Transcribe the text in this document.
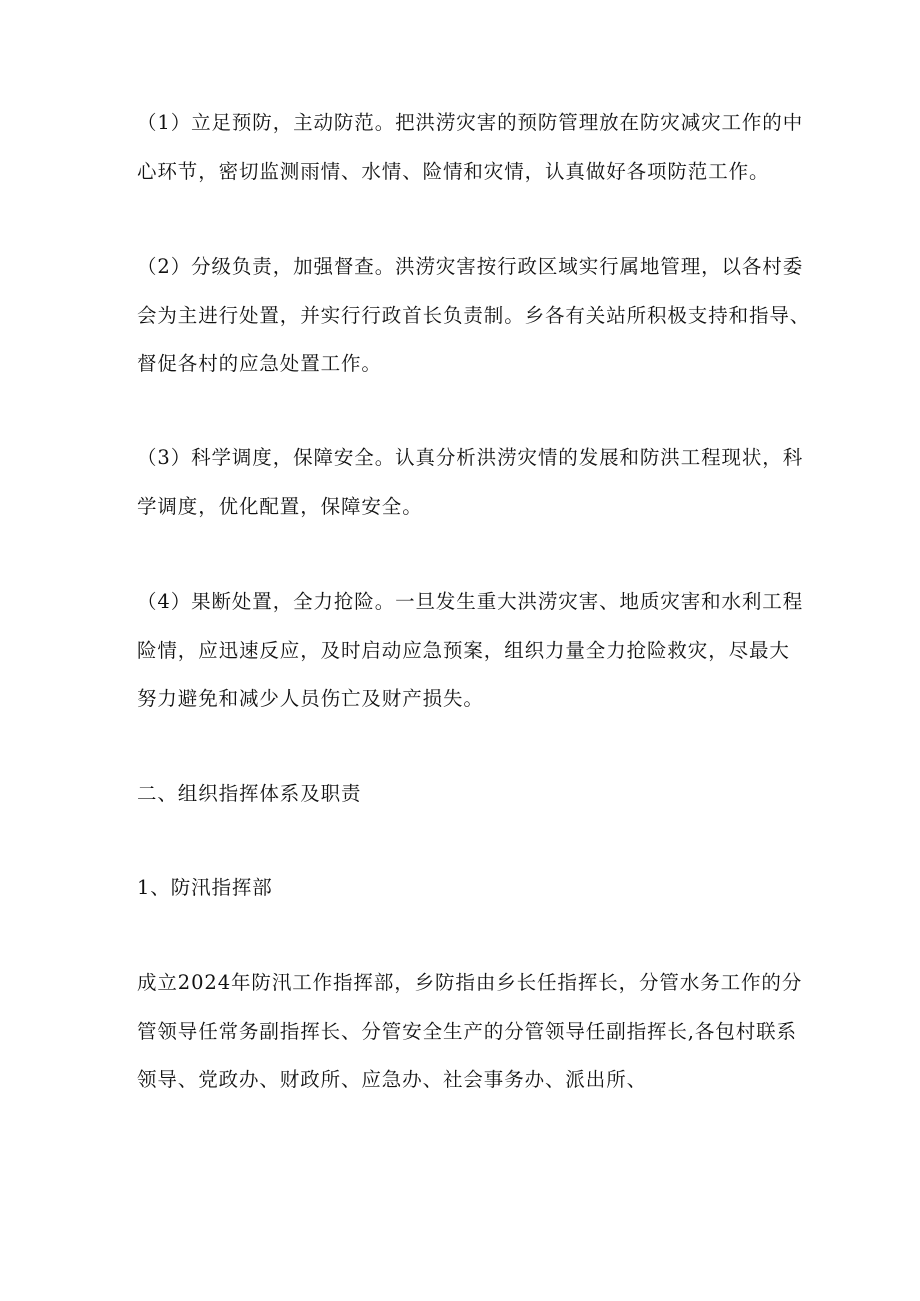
（1）立足预防，主动防范。把洪涝灾害的预防管理放在防灾减灾工作的中
心环节，密切监测雨情、水情、险情和灾情，认真做好各项防范工作。
（2）分级负责，加强督查。洪涝灾害按行政区域实行属地管理，以各村委
会为主进行处置，并实行行政首长负责制。乡各有关站所积极支持和指导、
督促各村的应急处置工作。
（3）科学调度，保障安全。认真分析洪涝灾情的发展和防洪工程现状，科
学调度，优化配置，保障安全。
（4）果断处置，全力抢险。一旦发生重大洪涝灾害、地质灾害和水利工程
险情，应迅速反应，及时启动应急预案，组织力量全力抢险救灾，尽最大
努力避免和减少人员伤亡及财产损失。
二、组织指挥体系及职责
1、防汛指挥部
成立2024年防汛工作指挥部，乡防指由乡长任指挥长，分管水务工作的分
管领导任常务副指挥长、分管安全生产的分管领导任副指挥长,各包村联系
领导、党政办、财政所、应急办、社会事务办、派出所、
